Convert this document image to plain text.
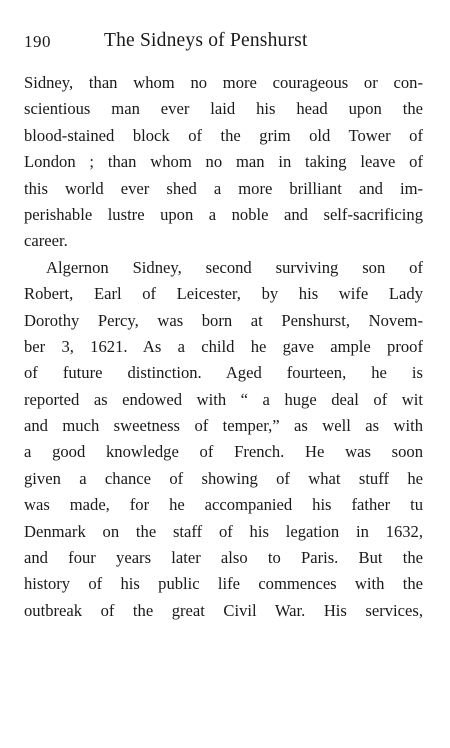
190	The Sidneys of Penshurst
Sidney, than whom no more courageous or con-
scientious man ever laid his head upon the
blood-stained block of the grim old Tower of
London ; than whom no man in taking leave of
this world ever shed a more brilliant and im-
perishable lustre upon a noble and self-sacrificing
career.
Algernon Sidney, second surviving son of
Robert, Earl of Leicester, by his wife Lady
Dorothy Percy, was born at Penshurst, Novem-
ber 3, 1621. As a child he gave ample proof
of future distinction. Aged fourteen, he is
reported as endowed with “ a huge deal of wit
and much sweetness of temper,” as well as with
a good knowledge of French. He was soon
given a chance of showing of what stuff he
was made, for he accompanied his father tu
Denmark on the staff of his legation in 1632,
and four years later also to Paris. But the
history of his public life commences with the
outbreak of the great Civil War. His services,
